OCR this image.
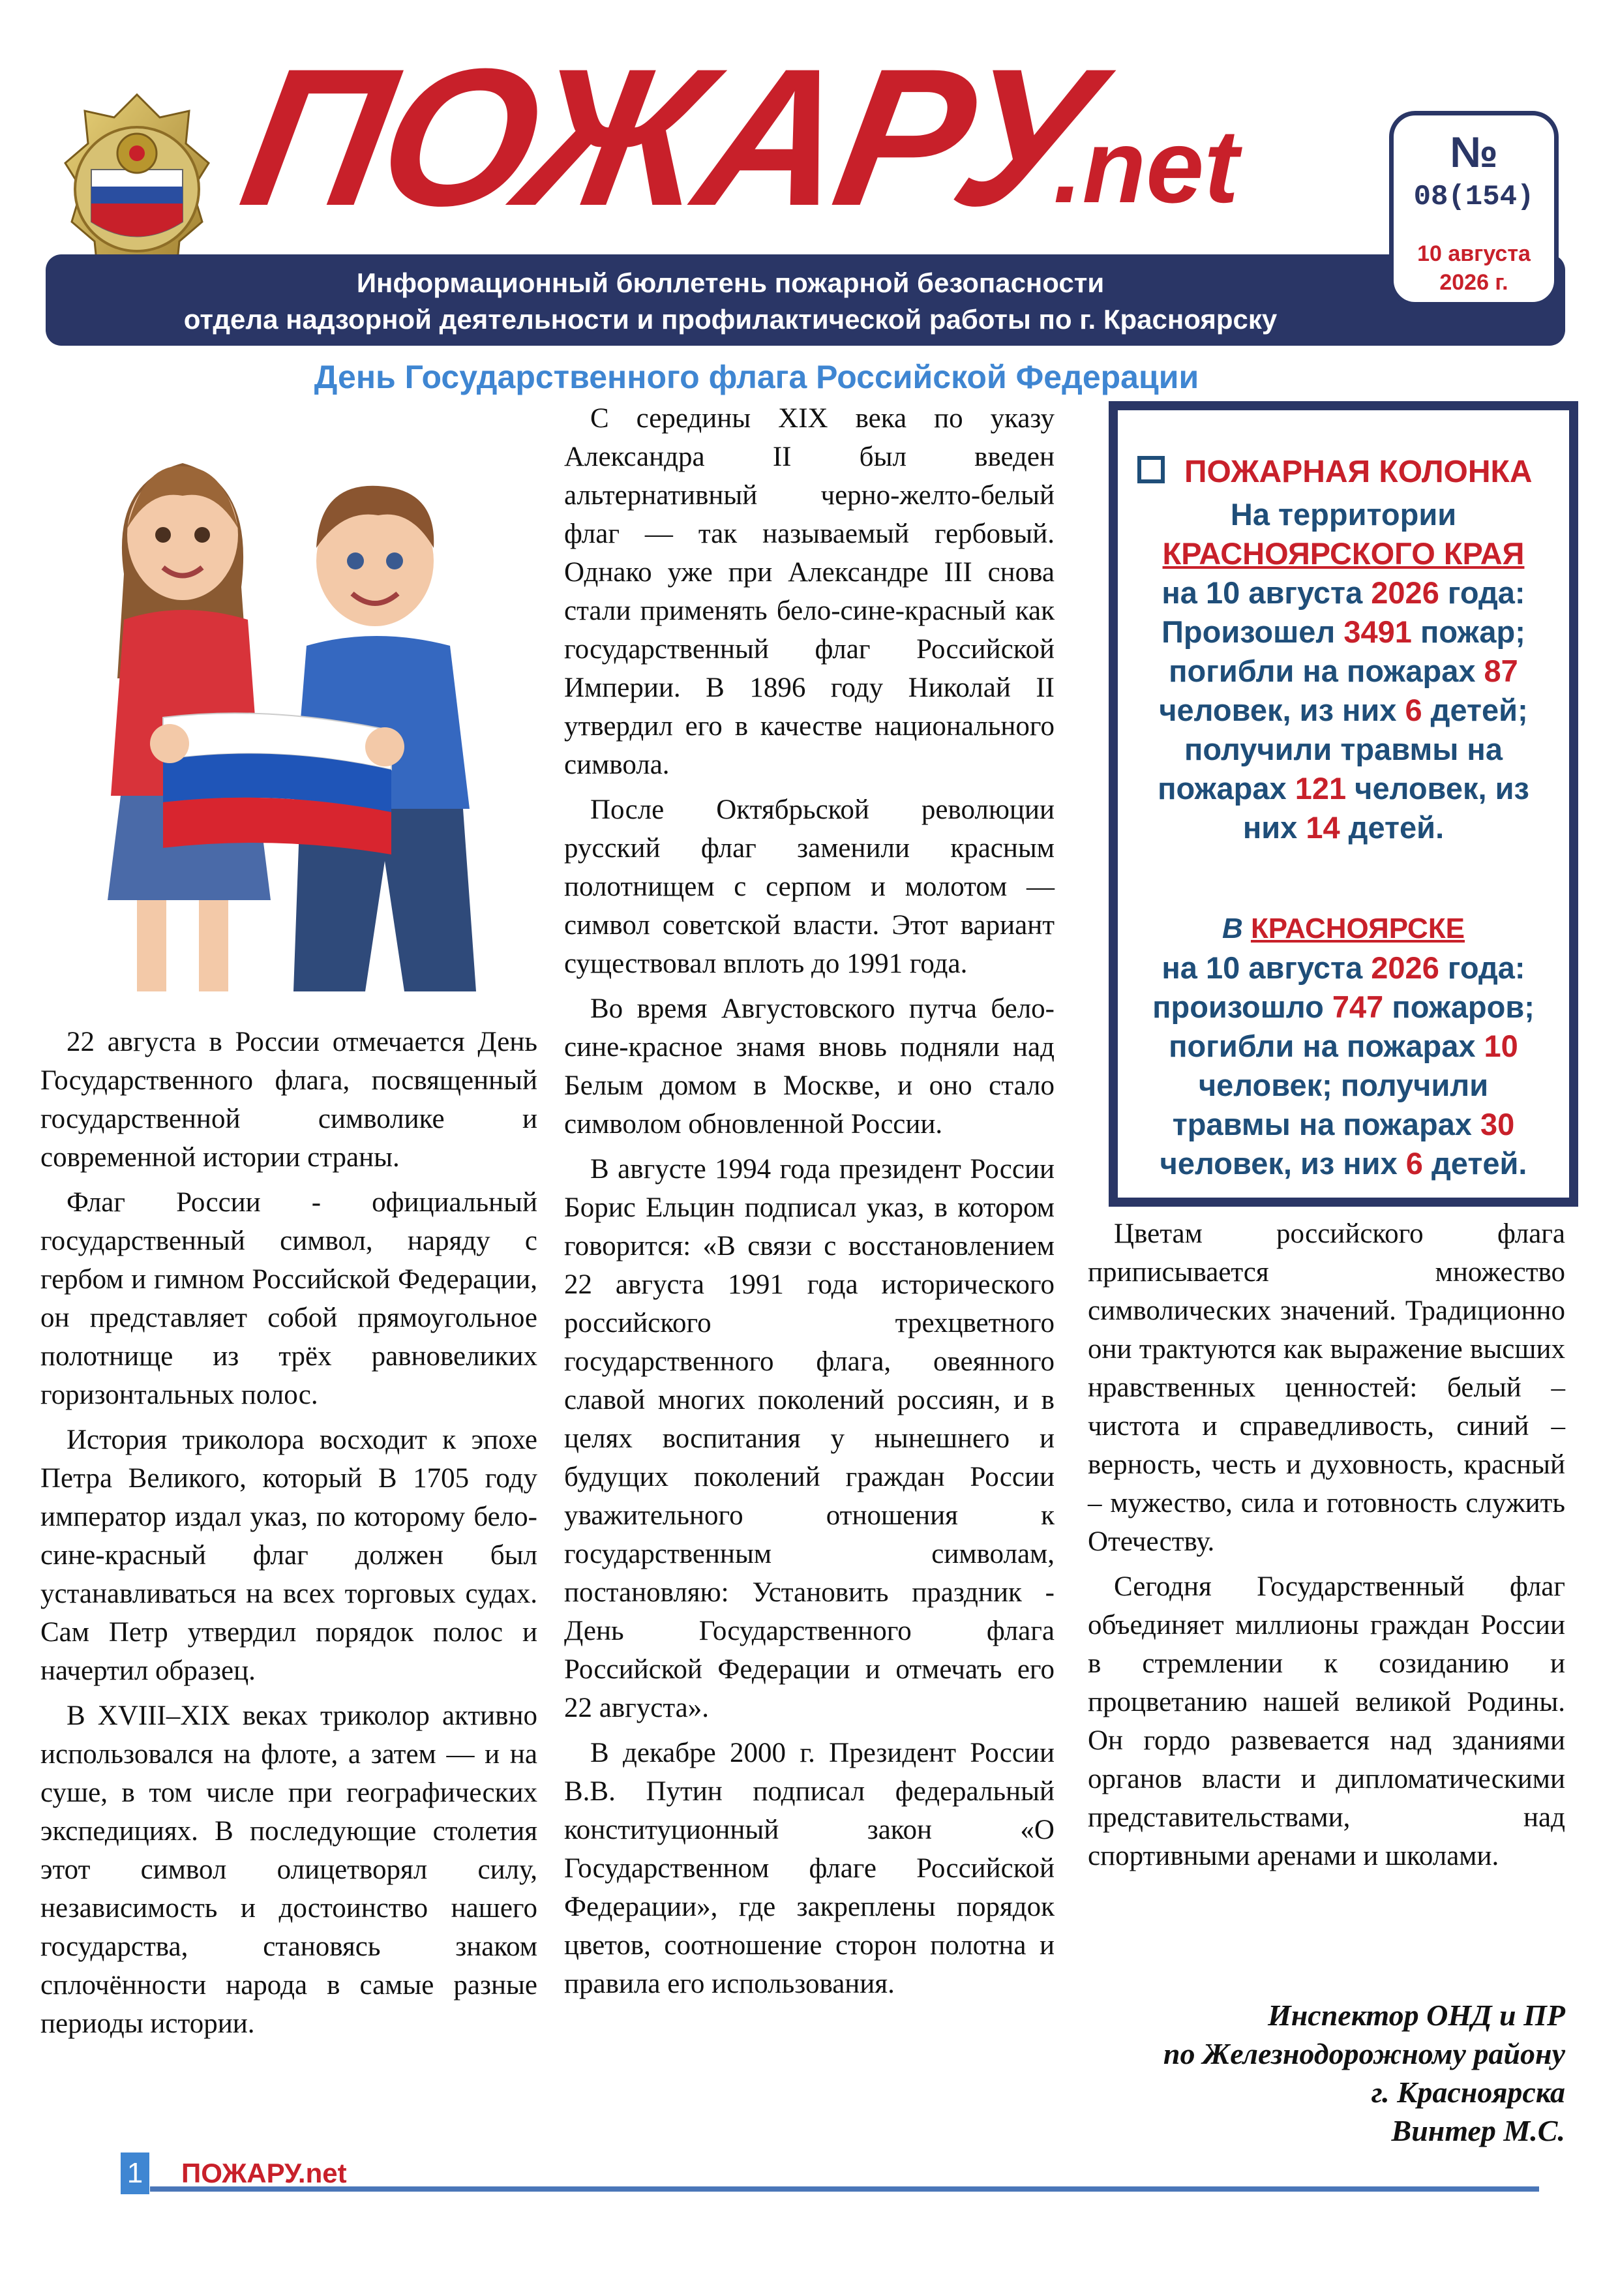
ПОЖАРУ
.net
Информационный бюллетень пожарной безопасности
отдела надзорной деятельности и профилактической работы по г. Красноярску
№
08(154)
10 августа
2026 г.
День Государственного флага Российской Федерации

22 августа в России отмечается День Государственного флага, посвященный государственной символике и современной истории страны.

Флаг России - официальный государственный символ, наряду с гербом и гимном Российской Федерации, он представляет собой прямоугольное полотнище из трёх равновеликих горизонтальных полос.

История триколора восходит к эпохе Петра Великого, который В 1705 году император издал указ, по которому бело-сине-красный флаг должен был устанавливаться на всех торговых судах. Сам Петр утвердил порядок полос и начертил образец.

В XVIII–XIX веках триколор активно использовался на флоте, а затем — и на суше, в том числе при географических экспедициях. В последующие столетия этот символ олицетворял силу, независимость и достоинство нашего государства, становясь знаком сплочённости народа в самые разные периоды истории.

С середины XIX века по указу Александра II был введен альтернативный черно-желто-белый флаг — так называемый гербовый. Однако уже при Александре III снова стали применять бело-сине-красный как государственный флаг Российской Империи. В 1896 году Николай II утвердил его в качестве национального символа.

После Октябрьской революции русский флаг заменили красным полотнищем с серпом и молотом — символ советской власти. Этот вариант существовал вплоть до 1991 года.

Во время Августовского путча бело-сине-красное знамя вновь подняли над Белым домом в Москве, и оно стало символом обновленной России.

В августе 1994 года президент России Борис Ельцин подписал указ, в котором говорится: «В связи с восстановлением 22 августа 1991 года исторического российского трехцветного государственного флага, овеянного славой многих поколений россиян, и в целях воспитания у нынешнего и будущих поколений граждан России уважительного отношения к государственным символам, постановляю: Установить праздник - День Государственного флага Российской Федерации и отмечать его 22 августа».

В декабре 2000 г. Президент России В.В. Путин подписал федеральный конституционный закон «О Государственном флаге Российской Федерации», где закреплены порядок цветов, соотношение сторон полотна и правила его использования.

ПОЖАРНАЯ КОЛОНКА
На территории
КРАСНОЯРСКОГО КРАЯ
на 10 августа 2026 года:
Произошел 3491 пожар;
погибли на пожарах 87
человек, из них 6 детей;
получили травмы на
пожарах 121 человек, из
них 14 детей.
В КРАСНОЯРСКЕ
на 10 августа 2026 года:
произошло 747 пожаров;
погибли на пожарах 10
человек; получили
травмы на пожарах 30
человек, из них 6 детей.

Цветам российского флага приписывается множество символических значений. Традиционно они трактуются как выражение высших нравственных ценностей: белый – чистота и справедливость, синий – верность, честь и духовность, красный – мужество, сила и готовность служить Отечеству.

Сегодня Государственный флаг объединяет миллионы граждан России в стремлении к созиданию и процветанию нашей великой Родины. Он гордо развевается над зданиями органов власти и дипломатическими представительствами, над спортивными аренами и школами.

Инспектор ОНД и ПР
по Железнодорожному району
г. Красноярска
Винтер М.С.
1 ПОЖАРУ.net
